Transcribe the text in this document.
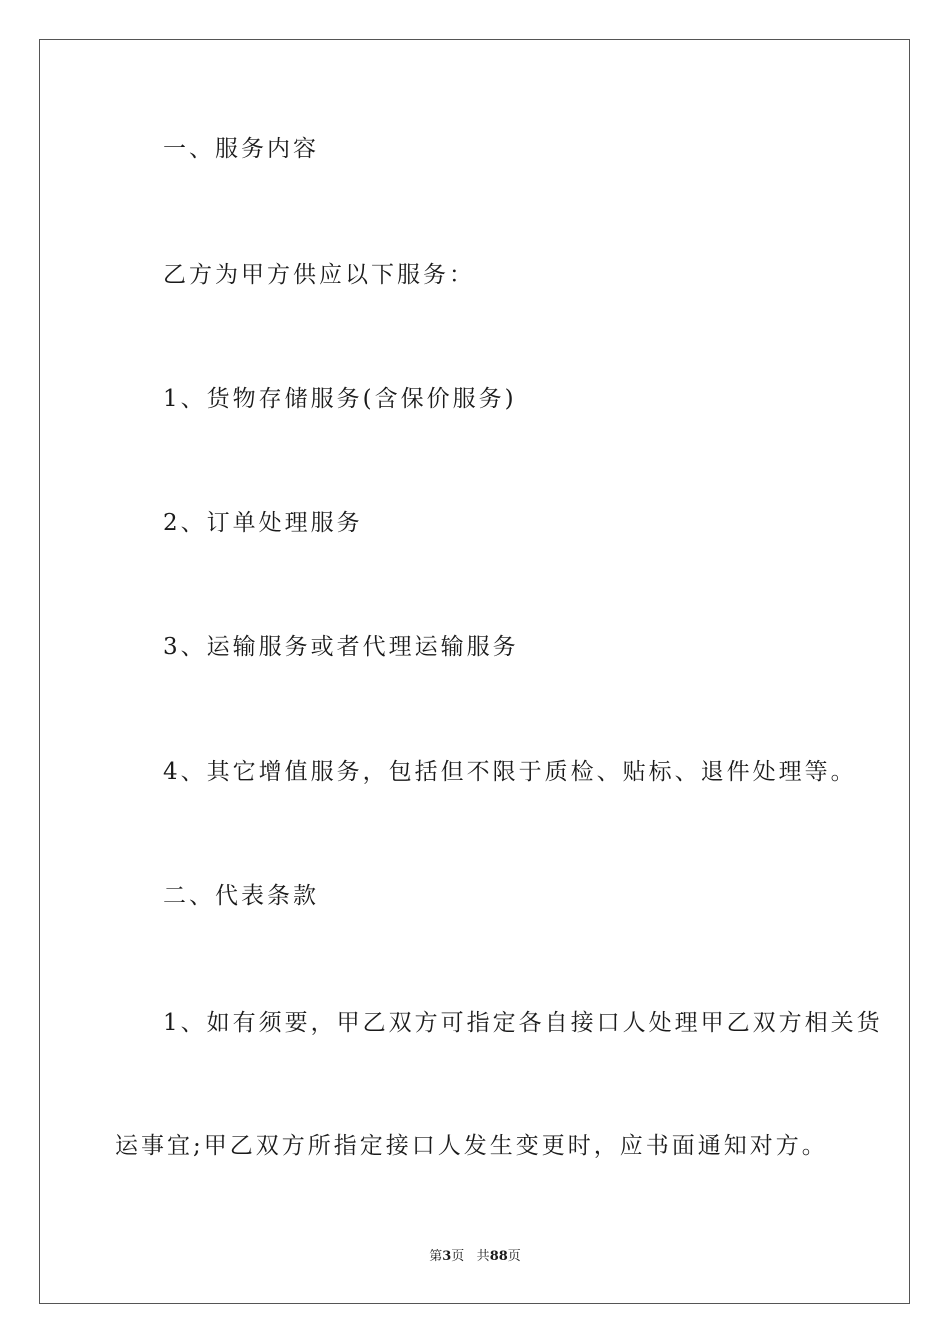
一、服务内容
乙方为甲方供应以下服务：
1、货物存储服务(含保价服务)
2、订单处理服务
3、运输服务或者代理运输服务
4、其它增值服务，包括但不限于质检、贴标、退件处理等。
二、代表条款
1、如有须要，甲乙双方可指定各自接口人处理甲乙双方相关货
运事宜;甲乙双方所指定接口人发生变更时，应书面通知对方。
第3页 共88页
